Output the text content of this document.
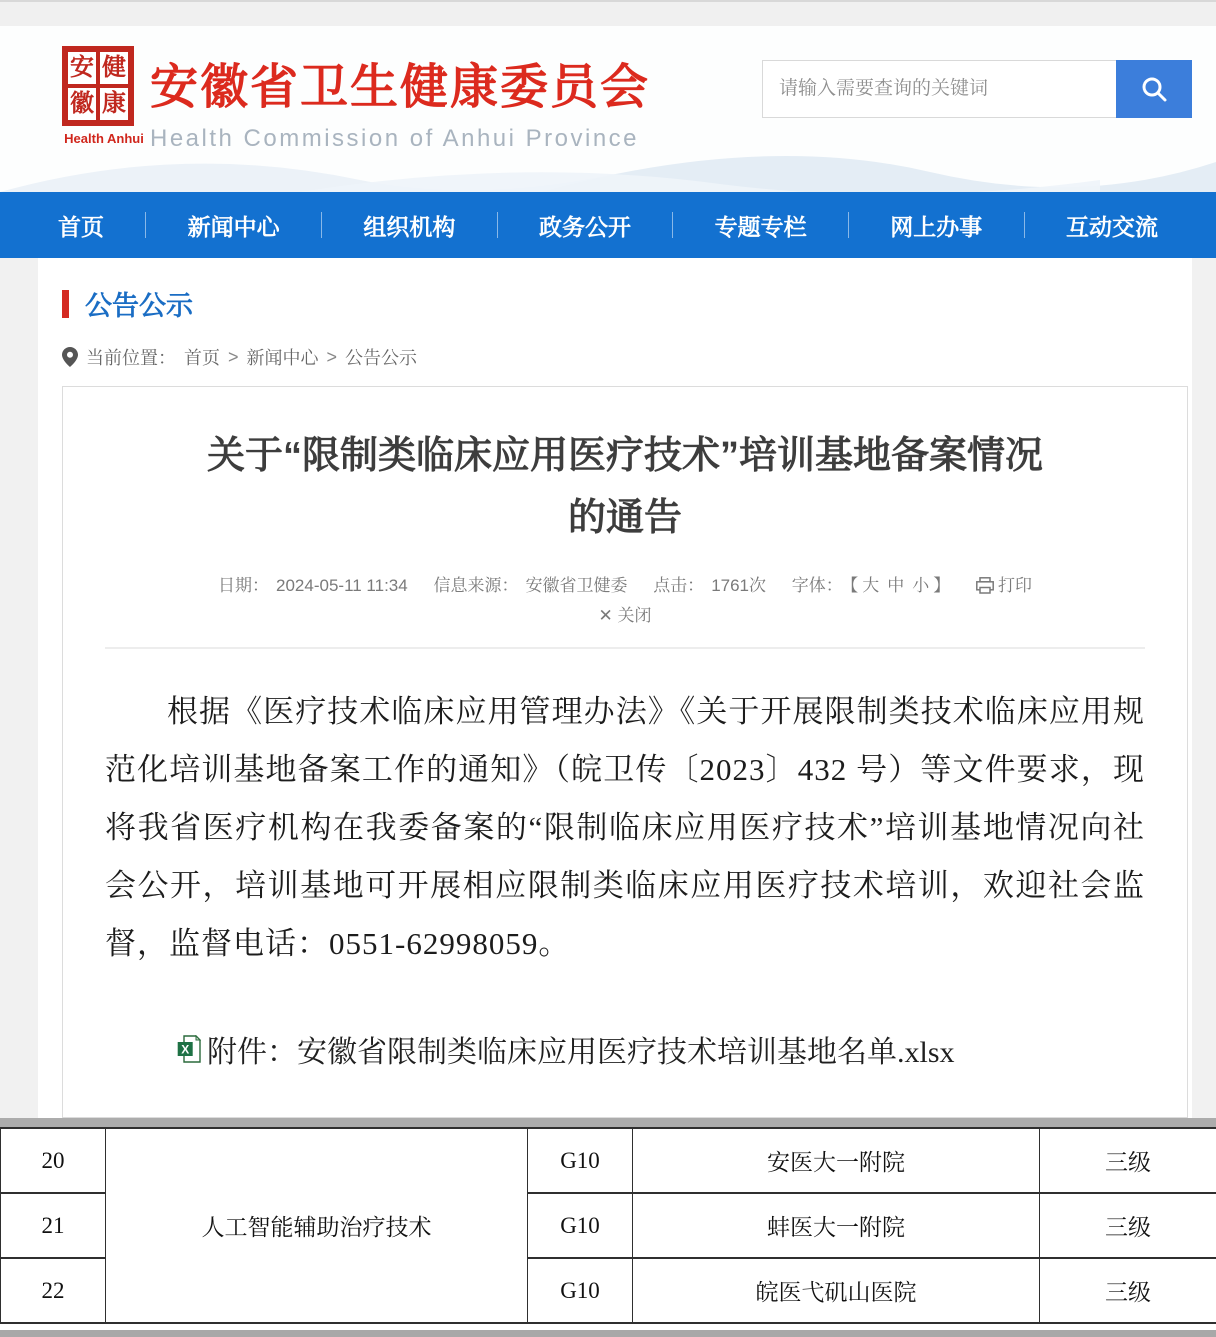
安 健
徽 康
Health Anhui
安徽省卫生健康委员会
Health Commission of Anhui Province
请输入需要查询的关键词
首页	新闻中心	组织机构	政务公开	专题专栏	网上办事	互动交流
公告公示
当前位置： 首页 > 新闻中心 > 公告公示
关于“限制类临床应用医疗技术”培训基地备案情况
的通告
日期： 2024-05-11 11:34 信息来源： 安徽省卫健委 点击： 1761次 字体： 【 大 中 小 】	打印
✕ 关闭

根据《医疗技术临床应用管理办法》《关于开展限制类技术临床应用规范化培训基地备案工作的通知》（皖卫传〔2023〕432 号）等文件要求，现将我省医疗机构在我委备案的“限制临床应用医疗技术”培训基地情况向社会公开，培训基地可开展相应限制类临床应用医疗技术培训，欢迎社会监督，监督电话：0551-62998059。

X 附件： 安徽省限制类临床应用医疗技术培训基地名单.xlsx
20	人工智能辅助治疗技术	G10	安医大一附院	三级
21		G10	蚌医大一附院	三级
22		G10	皖医弋矶山医院	三级
